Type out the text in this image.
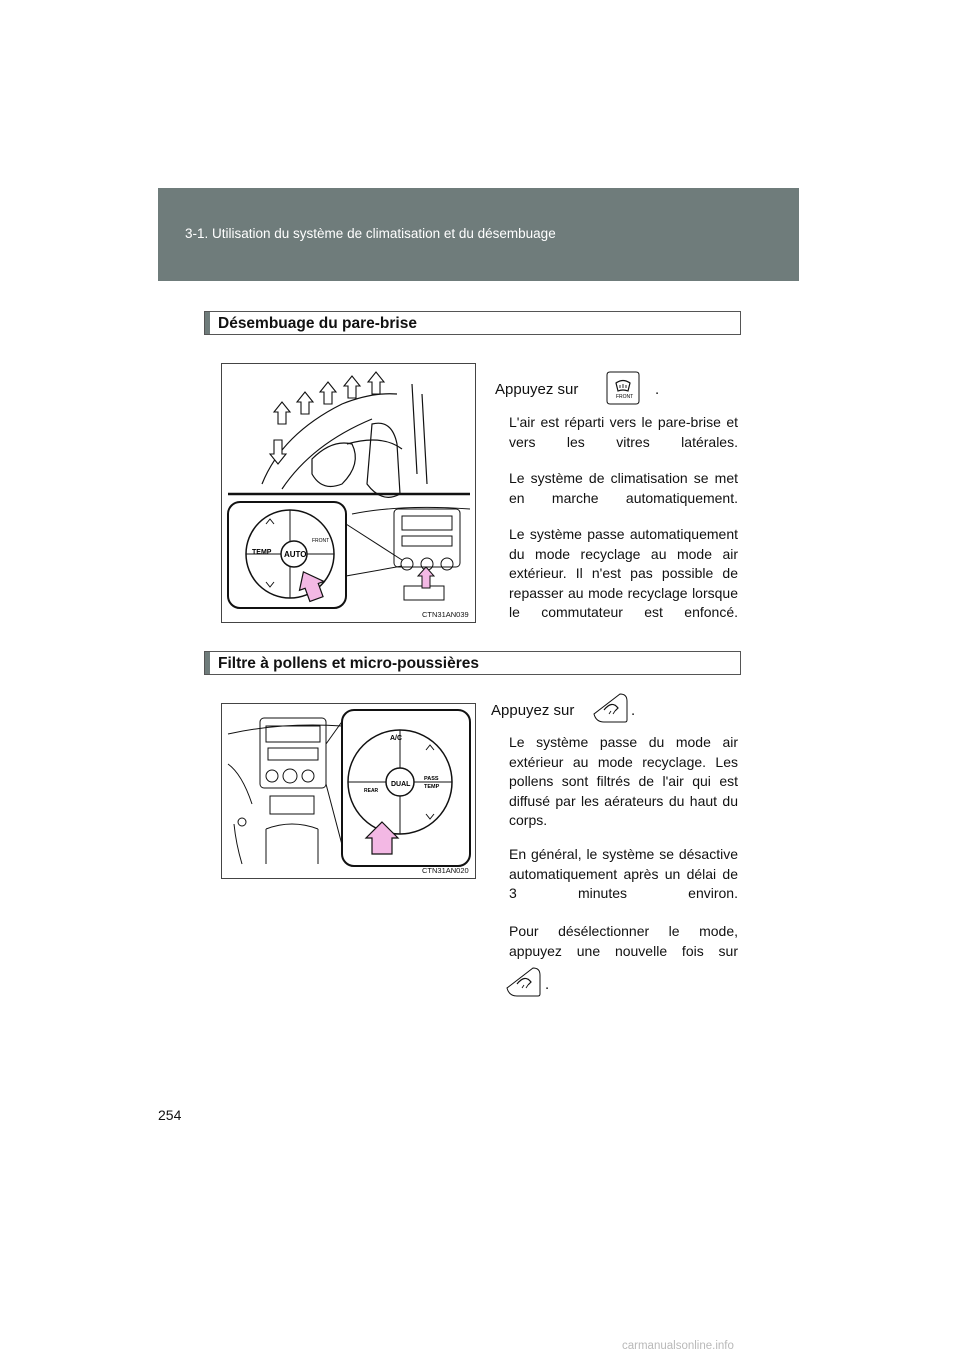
3-1. Utilisation du système de climatisation et du désembuage
Désembuage du pare-brise
TEMP AUTO
FRONT
CTN31AN039
Appuyez sur	FRONT .

L'air est réparti vers le pare-brise et vers les vitres latérales.

Le système de climatisation se met en marche automatiquement.

Le système passe automatiquement du mode recyclage au mode air extérieur. Il n'est pas possible de repasser au mode recyclage lorsque le commutateur est enfoncé.

Filtre à pollens et micro-poussières
A/C
REAR
DUAL
PASS
TEMP
CTN31AN020
Appuyez sur	.

Le système passe du mode air extérieur au mode recyclage. Les pollens sont filtrés de l'air qui est diffusé par les aérateurs du haut du corps.

En général, le système se désactive automatiquement après un délai de 3 minutes environ.

Pour désélectionner le mode, appuyez une nouvelle fois sur

.
254
carmanualsonline.info
